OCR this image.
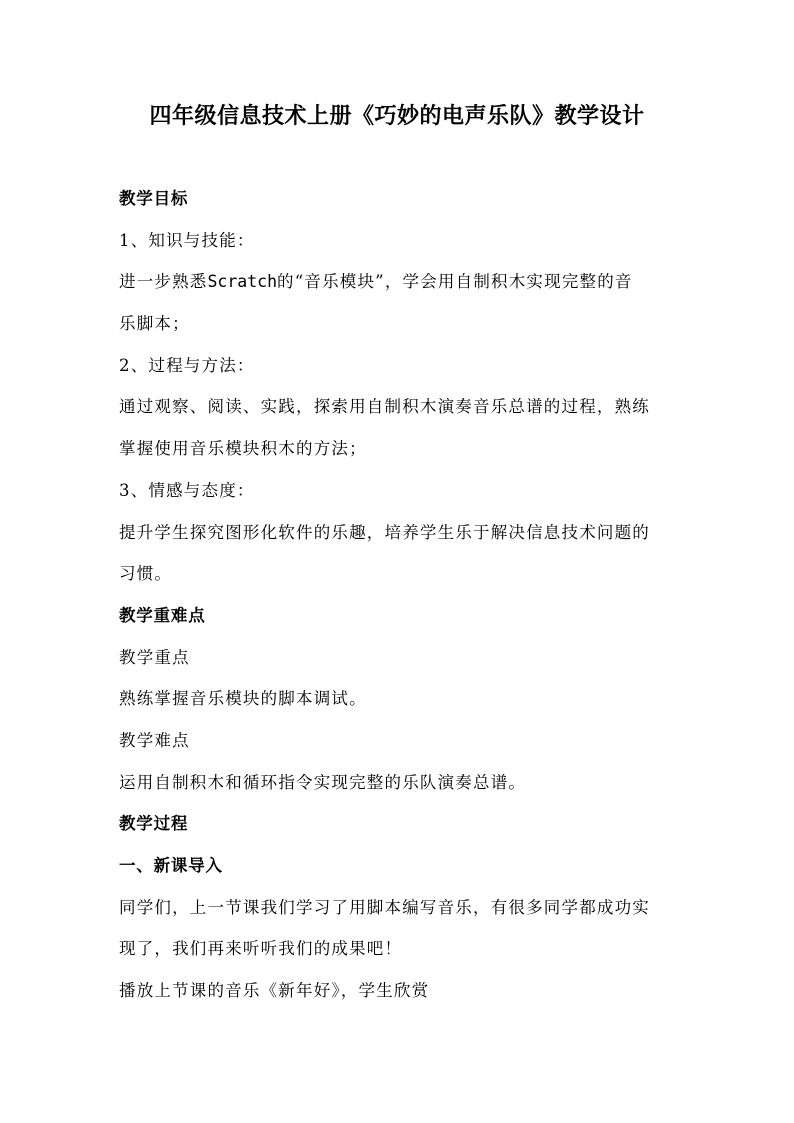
四年级信息技术上册《巧妙的电声乐队》教学设计
教学目标
1、知识与技能：
进一步熟悉Scratch的“音乐模块”，学会用自制积木实现完整的音
乐脚本；
2、过程与方法：
通过观察、阅读、实践，探索用自制积木演奏音乐总谱的过程，熟练
掌握使用音乐模块积木的方法；
3、情感与态度：
提升学生探究图形化软件的乐趣，培养学生乐于解决信息技术问题的
习惯。
教学重难点
教学重点
熟练掌握音乐模块的脚本调试。
教学难点
运用自制积木和循环指令实现完整的乐队演奏总谱。
教学过程
一、新课导入
同学们，上一节课我们学习了用脚本编写音乐，有很多同学都成功实
现了，我们再来听听我们的成果吧！
播放上节课的音乐《新年好》，学生欣赏
